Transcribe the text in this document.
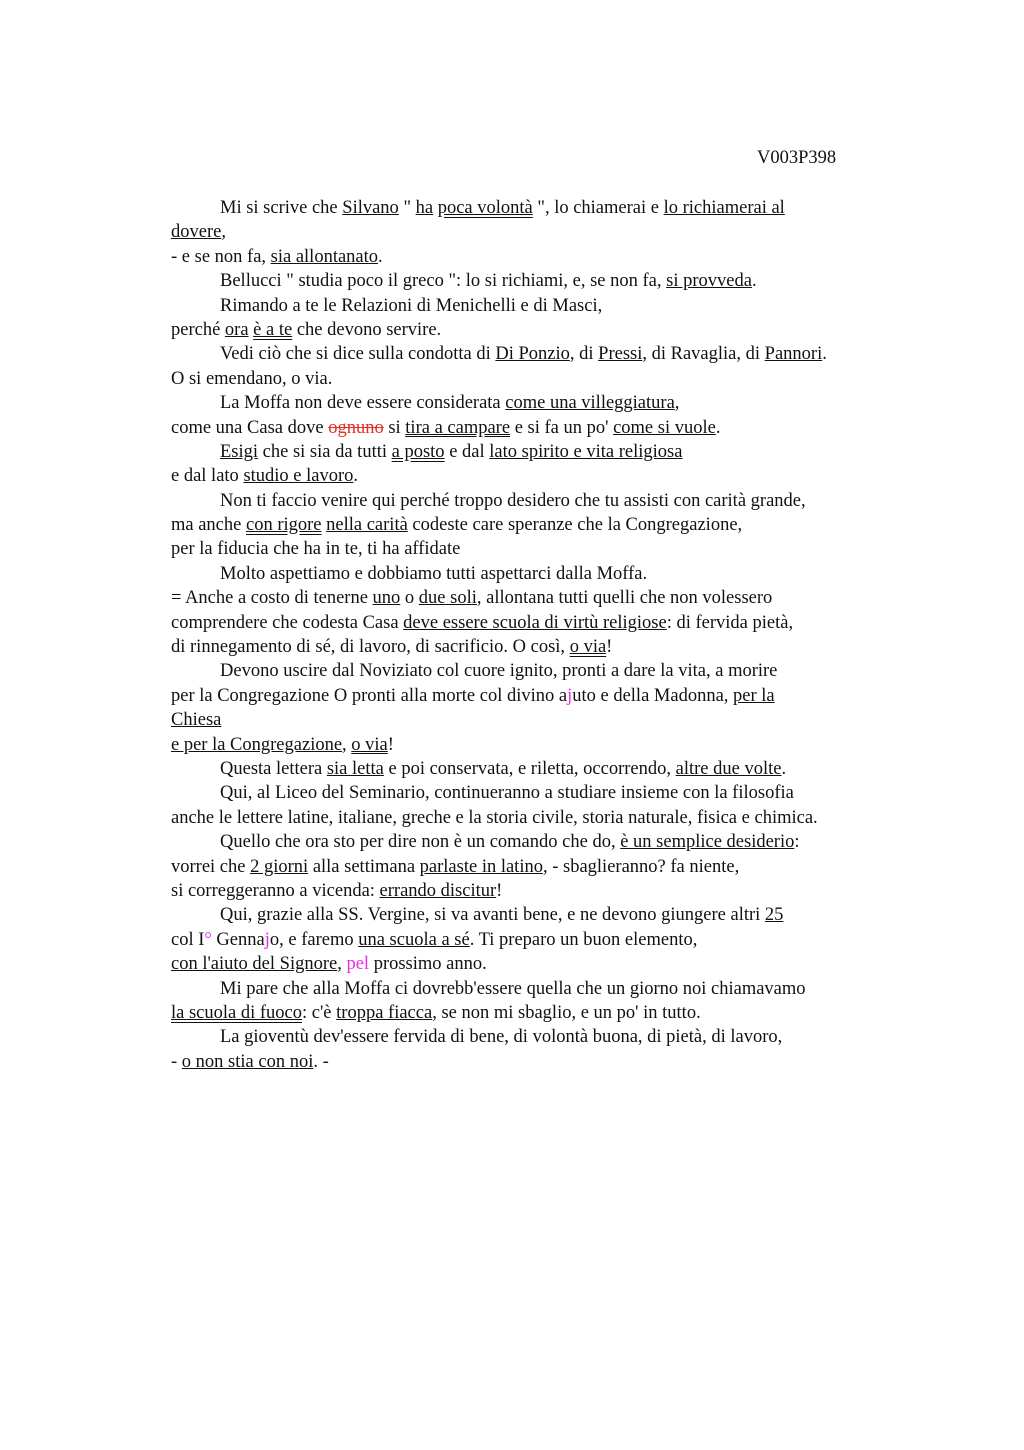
V003P398
Mi si scrive che Silvano " ha poca volontà ", lo chiamerai e lo richiamerai al
dovere,
- e se non fa, sia allontanato.
Bellucci " studia poco il greco ": lo si richiami, e, se non fa, si provveda.
Rimando a te le Relazioni di Menichelli e di Masci,
perché ora è a te che devono servire.
Vedi ciò che si dice sulla condotta di Di Ponzio, di Pressi, di Ravaglia, di Pannori.
O si emendano, o via.
La Moffa non deve essere considerata come una villeggiatura,
come una Casa dove ognuno si tira a campare e si fa un po' come si vuole.
Esigi che si sia da tutti a posto e dal lato spirito e vita religiosa
e dal lato studio e lavoro.
Non ti faccio venire qui perché troppo desidero che tu assisti con carità grande,
ma anche con rigore nella carità codeste care speranze che la Congregazione,
per la fiducia che ha in te, ti ha affidate
Molto aspettiamo e dobbiamo tutti aspettarci dalla Moffa.
= Anche a costo di tenerne uno o due soli, allontana tutti quelli che non volessero
comprendere che codesta Casa deve essere scuola di virtù religiose: di fervida pietà,
di rinnegamento di sé, di lavoro, di sacrificio. O così, o via!
Devono uscire dal Noviziato col cuore ignito, pronti a dare la vita, a morire
per la Congregazione O pronti alla morte col divino ajuto e della Madonna, per la
Chiesa
e per la Congregazione, o via!
Questa lettera sia letta e poi conservata, e riletta, occorrendo, altre due volte.
Qui, al Liceo del Seminario, continueranno a studiare insieme con la filosofia
anche le lettere latine, italiane, greche e la storia civile, storia naturale, fisica e chimica.
Quello che ora sto per dire non è un comando che do, è un semplice desiderio:
vorrei che 2 giorni alla settimana parlaste in latino, - sbaglieranno? fa niente,
si correggeranno a vicenda: errando discitur!
Qui, grazie alla SS. Vergine, si va avanti bene, e ne devono giungere altri 25
col I° Gennajo, e faremo una scuola a sé. Ti preparo un buon elemento,
con l'aiuto del Signore, pel prossimo anno.
Mi pare che alla Moffa ci dovrebb'essere quella che un giorno noi chiamavamo
la scuola di fuoco: c'è troppa fiacca, se non mi sbaglio, e un po' in tutto.
La gioventù dev'essere fervida di bene, di volontà buona, di pietà, di lavoro,
- o non stia con noi. -
